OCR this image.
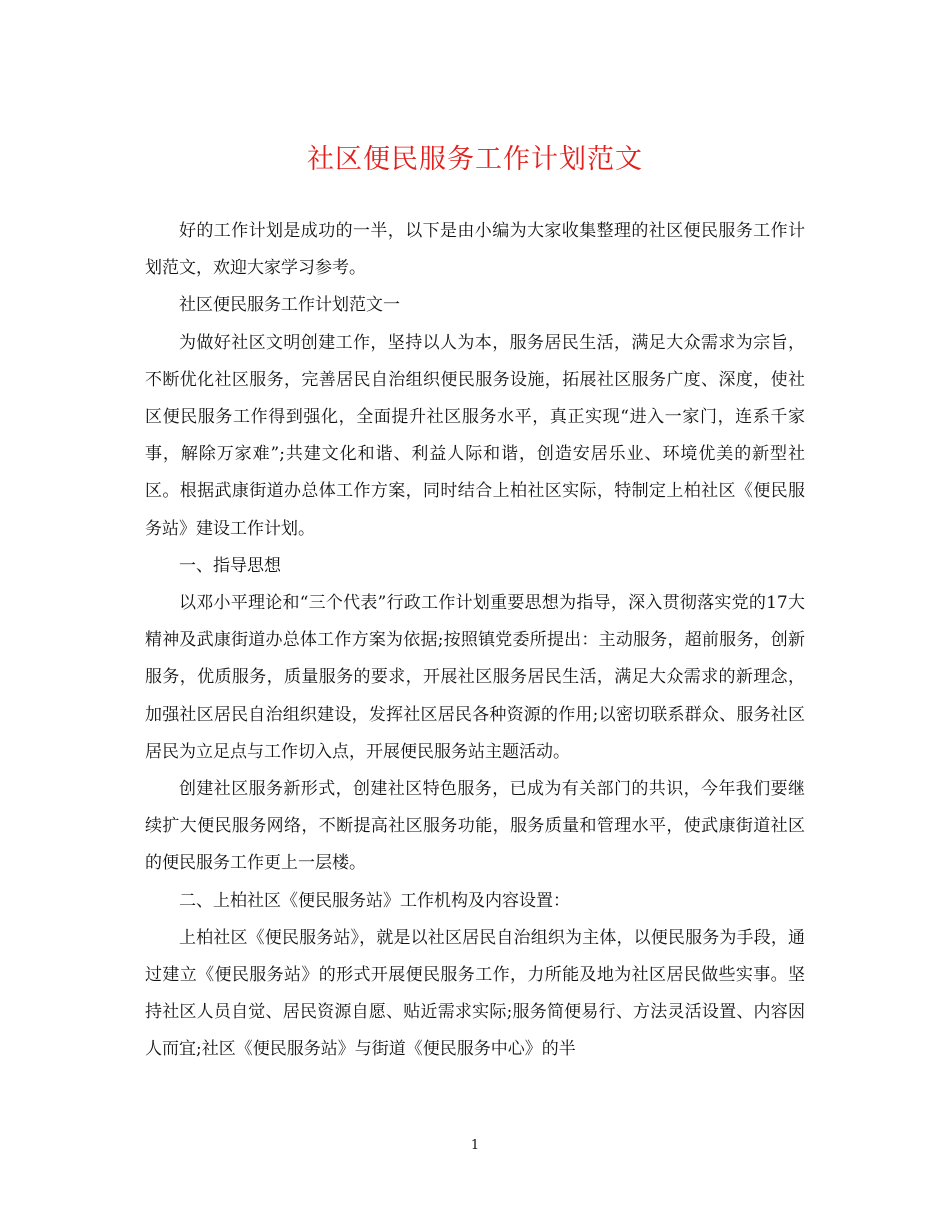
社区便民服务工作计划范文

好的工作计划是成功的一半，以下是由小编为大家收集整理的社区便民服务工作计划范文，欢迎大家学习参考。

社区便民服务工作计划范文一

为做好社区文明创建工作，坚持以人为本，服务居民生活，满足大众需求为宗旨，不断优化社区服务，完善居民自治组织便民服务设施，拓展社区服务广度、深度，使社区便民服务工作得到强化，全面提升社区服务水平，真正实现“进入一家门，连系千家事，解除万家难”;共建文化和谐、利益人际和谐，创造安居乐业、环境优美的新型社区。根据武康街道办总体工作方案，同时结合上柏社区实际，特制定上柏社区《便民服务站》建设工作计划。

一、指导思想

以邓小平理论和“三个代表”行政工作计划重要思想为指导，深入贯彻落实党的17大精神及武康街道办总体工作方案为依据;按照镇党委所提出：主动服务，超前服务，创新服务，优质服务，质量服务的要求，开展社区服务居民生活，满足大众需求的新理念，加强社区居民自治组织建设，发挥社区居民各种资源的作用;以密切联系群众、服务社区居民为立足点与工作切入点，开展便民服务站主题活动。

创建社区服务新形式，创建社区特色服务，已成为有关部门的共识，今年我们要继续扩大便民服务网络，不断提高社区服务功能，服务质量和管理水平，使武康街道社区的便民服务工作更上一层楼。

二、上柏社区《便民服务站》工作机构及内容设置：

上柏社区《便民服务站》，就是以社区居民自治组织为主体，以便民服务为手段，通过建立《便民服务站》的形式开展便民服务工作，力所能及地为社区居民做些实事。坚持社区人员自觉、居民资源自愿、贴近需求实际;服务简便易行、方法灵活设置、内容因人而宜;社区《便民服务站》与街道《便民服务中心》的半

1
